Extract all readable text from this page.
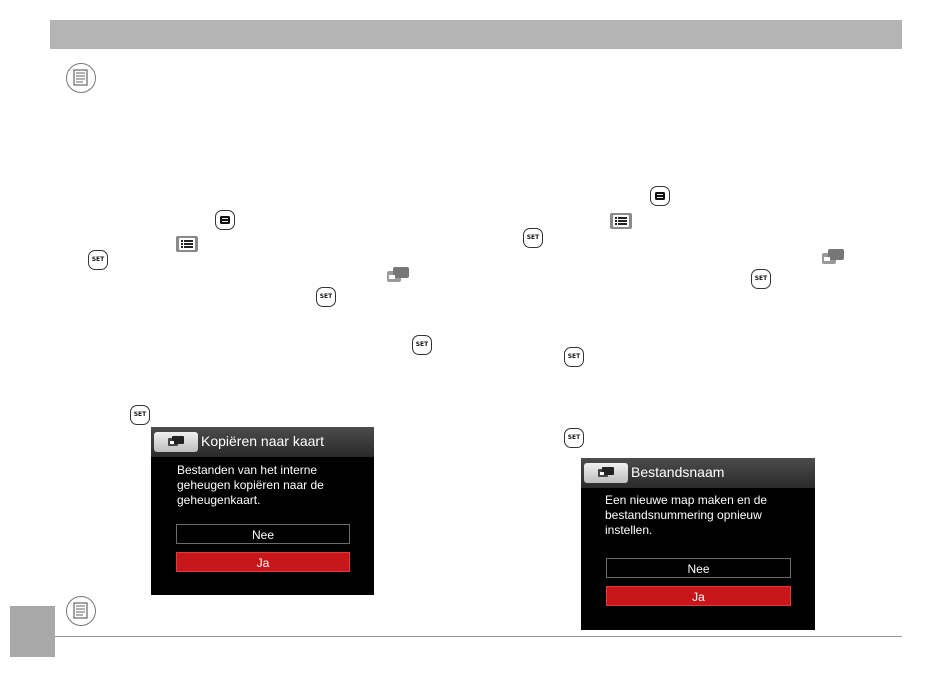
SET
SET
SET
SET
SET
SET
SET
SET
Kopiëren naar kaart
Bestanden van het interne
geheugen kopiëren naar de
geheugenkaart.
Nee
Ja
Bestandsnaam
Een nieuwe map maken en de
bestandsnummering opnieuw
instellen.
Nee
Ja
